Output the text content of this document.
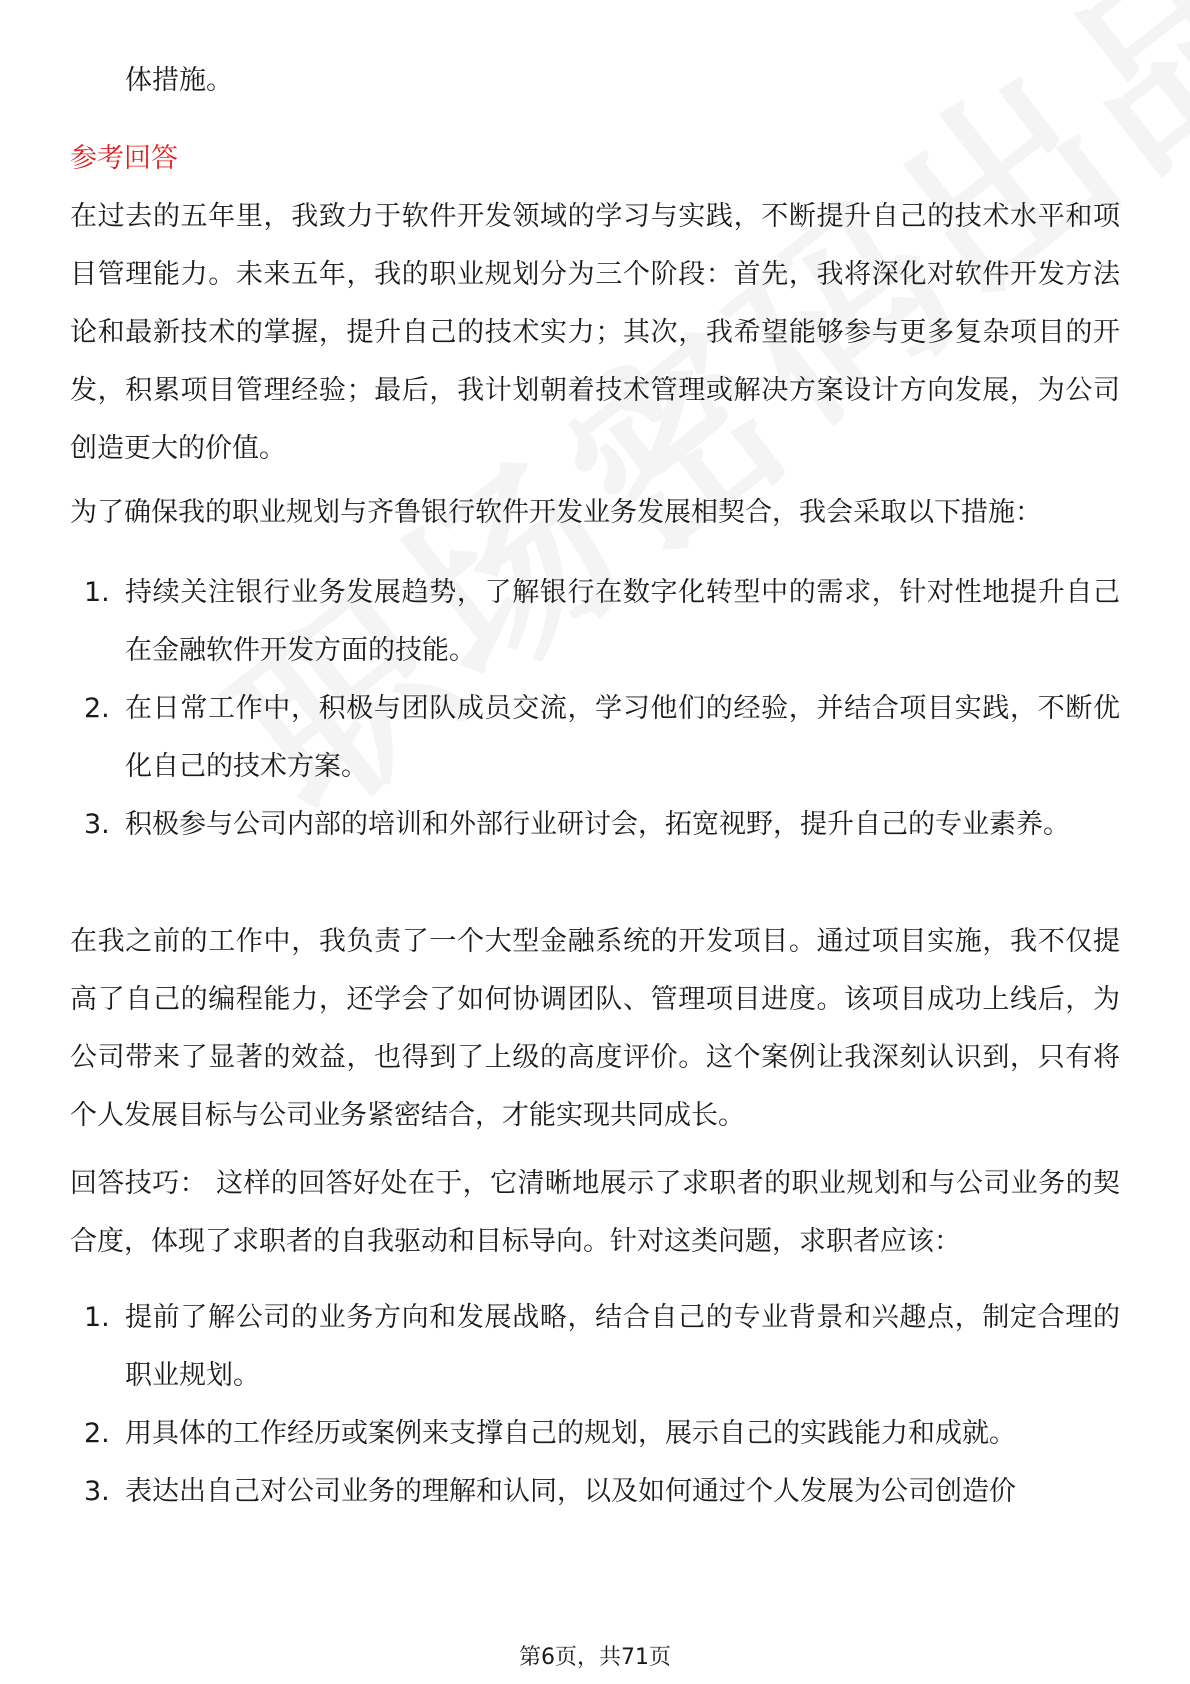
体措施。
参考回答
在过去的五年里，我致力于软件开发领域的学习与实践，不断提升自己的技术水平和项目管理能力。未来五年，我的职业规划分为三个阶段：首先，我将深化对软件开发方法论和最新技术的掌握，提升自己的技术实力；其次，我希望能够参与更多复杂项目的开发，积累项目管理经验；最后，我计划朝着技术管理或解决方案设计方向发展，为公司创造更大的价值。
为了确保我的职业规划与齐鲁银行软件开发业务发展相契合，我会采取以下措施：
1. 持续关注银行业务发展趋势，了解银行在数字化转型中的需求，针对性地提升自己在金融软件开发方面的技能。
2. 在日常工作中，积极与团队成员交流，学习他们的经验，并结合项目实践，不断优化自己的技术方案。
3. 积极参与公司内部的培训和外部行业研讨会，拓宽视野，提升自己的专业素养。
在我之前的工作中，我负责了一个大型金融系统的开发项目。通过项目实施，我不仅提高了自己的编程能力，还学会了如何协调团队、管理项目进度。该项目成功上线后，为公司带来了显著的效益，也得到了上级的高度评价。这个案例让我深刻认识到，只有将个人发展目标与公司业务紧密结合，才能实现共同成长。
回答技巧： 这样的回答好处在于，它清晰地展示了求职者的职业规划和与公司业务的契合度，体现了求职者的自我驱动和目标导向。针对这类问题，求职者应该：
1. 提前了解公司的业务方向和发展战略，结合自己的专业背景和兴趣点，制定合理的职业规划。
2. 用具体的工作经历或案例来支撑自己的规划，展示自己的实践能力和成就。
3. 表达出自己对公司业务的理解和认同，以及如何通过个人发展为公司创造价
第6页，共71页
